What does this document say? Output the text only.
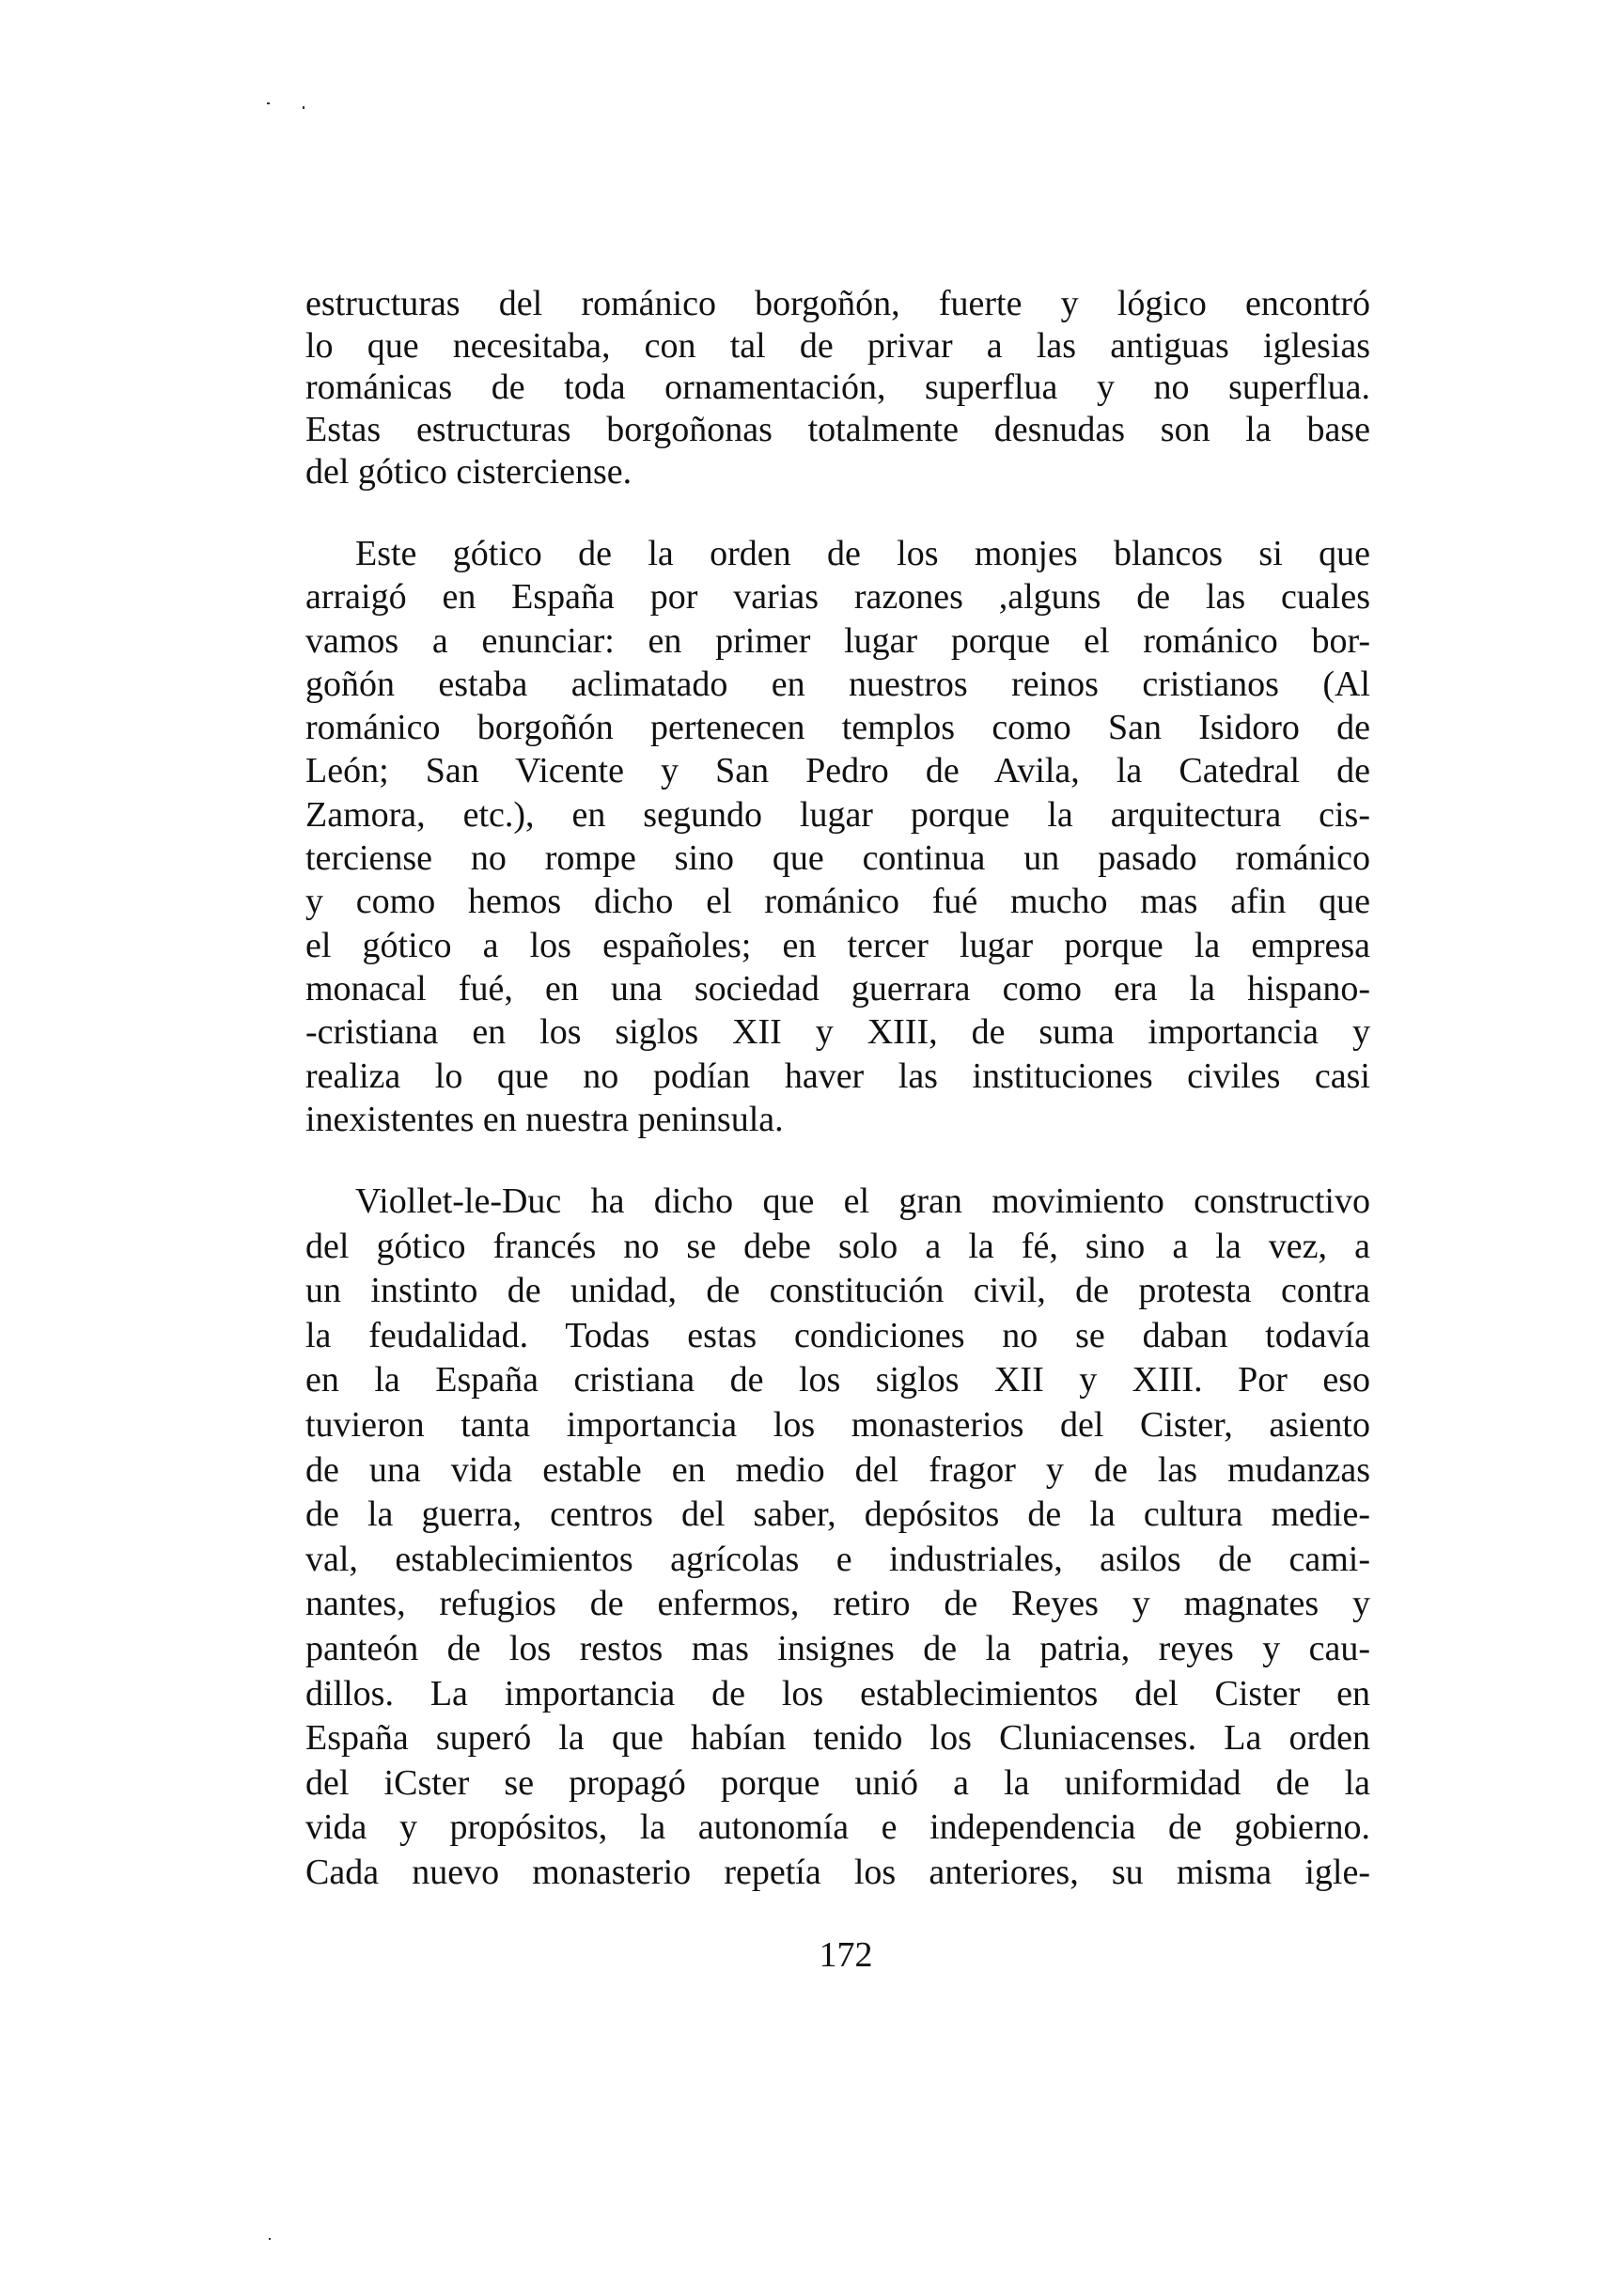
estructuras del románico borgoñón, fuerte y lógico encontró
lo que necesitaba, con tal de privar a las antiguas iglesias
románicas de toda ornamentación, superflua y no superflua.
Estas estructuras borgoñonas totalmente desnudas son la base
del gótico cisterciense.
Este gótico de la orden de los monjes blancos si que
arraigó en España por varias razones ,alguns de las cuales
vamos a enunciar: en primer lugar porque el románico bor-
goñón estaba aclimatado en nuestros reinos cristianos (Al
románico borgoñón pertenecen templos como San Isidoro de
León; San Vicente y San Pedro de Avila, la Catedral de
Zamora, etc.), en segundo lugar porque la arquitectura cis-
terciense no rompe sino que continua un pasado románico
y como hemos dicho el románico fué mucho mas afin que
el gótico a los españoles; en tercer lugar porque la empresa
monacal fué, en una sociedad guerrara como era la hispano-
-cristiana en los siglos XII y XIII, de suma importancia y
realiza lo que no podían haver las instituciones civiles casi
inexistentes en nuestra peninsula.
Viollet-le-Duc ha dicho que el gran movimiento constructivo
del gótico francés no se debe solo a la fé, sino a la vez, a
un instinto de unidad, de constitución civil, de protesta contra
la feudalidad. Todas estas condiciones no se daban todavía
en la España cristiana de los siglos XII y XIII. Por eso
tuvieron tanta importancia los monasterios del Cister, asiento
de una vida estable en medio del fragor y de las mudanzas
de la guerra, centros del saber, depósitos de la cultura medie-
val, establecimientos agrícolas e industriales, asilos de cami-
nantes, refugios de enfermos, retiro de Reyes y magnates y
panteón de los restos mas insignes de la patria, reyes y cau-
dillos. La importancia de los establecimientos del Cister en
España superó la que habían tenido los Cluniacenses. La orden
del iCster se propagó porque unió a la uniformidad de la
vida y propósitos, la autonomía e independencia de gobierno.
Cada nuevo monasterio repetía los anteriores, su misma igle-
172
